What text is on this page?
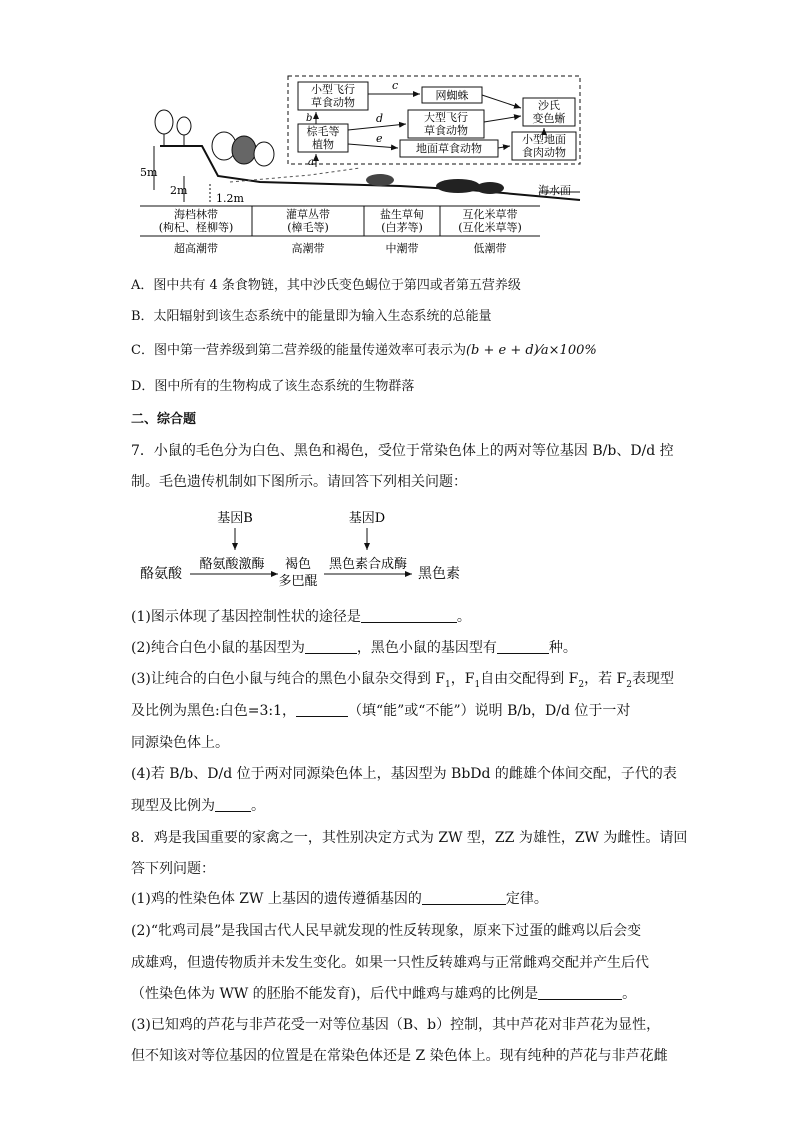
小型飞行
草食动物
网蜘蛛
沙氏
变色蜥
棕毛等
植物
大型飞行
草食动物
地面草食动物
小型地面
食肉动物
c
b	d
e
a
海水面
5m
2m
1.2m
海档林带
(枸杞、柽柳等)
超高潮带
灌草丛带
(樟毛等)
高潮带
盐生草甸
(白茅等)
中潮带
互化米草带
(互化米草等)
低潮带
A．图中共有 4 条食物链，其中沙氏变色蜴位于第四或者第五营养级
B．太阳辐射到该生态系统中的能量即为输入生态系统的总能量
C．图中第一营养级到第二营养级的能量传递效率可表示为(b + e + d)⁄a×100%
D．图中所有的生物构成了该生态系统的生物群落
二、综合题
7．小鼠的毛色分为白色、黑色和褐色，受位于常染色体上的两对等位基因 B/b、D/d 控
制。毛色遗传机制如下图所示。请回答下列相关问题：
基因B	基因D
酪氨酸
酪氨酸激酶 褐色
多巴醌
黑色素合成酶
黑色素
(1)图示体现了基因控制性状的途径是	。
(2)纯合白色小鼠的基因型为	，黑色小鼠的基因型有	种。
(3)让纯合的白色小鼠与纯合的黑色小鼠杂交得到 $F_1$，$F_1$自由交配得到 $F_2$，若 $F_2$表现型
及比例为黑色:白色=3:1，	（填“能”或“不能”）说明 B/b，D/d 位于一对
同源染色体上。
(4)若 B/b、D/d 位于两对同源染色体上，基因型为 BbDd 的雌雄个体间交配，子代的表
现型及比例为	。
8．鸡是我国重要的家禽之一，其性别决定方式为 ZW 型，ZZ 为雄性，ZW 为雌性。请回
答下列问题：
(1)鸡的性染色体 ZW 上基因的遗传遵循基因的	定律。
(2)“牝鸡司晨”是我国古代人民早就发现的性反转现象，原来下过蛋的雌鸡以后会变
成雄鸡，但遗传物质并未发生变化。如果一只性反转雄鸡与正常雌鸡交配并产生后代
（性染色体为 WW 的胚胎不能发育)，后代中雌鸡与雄鸡的比例是	。
(3)已知鸡的芦花与非芦花受一对等位基因（B、b）控制，其中芦花对非芦花为显性，
但不知该对等位基因的位置是在常染色体还是 Z 染色体上。现有纯种的芦花与非芦花雌
